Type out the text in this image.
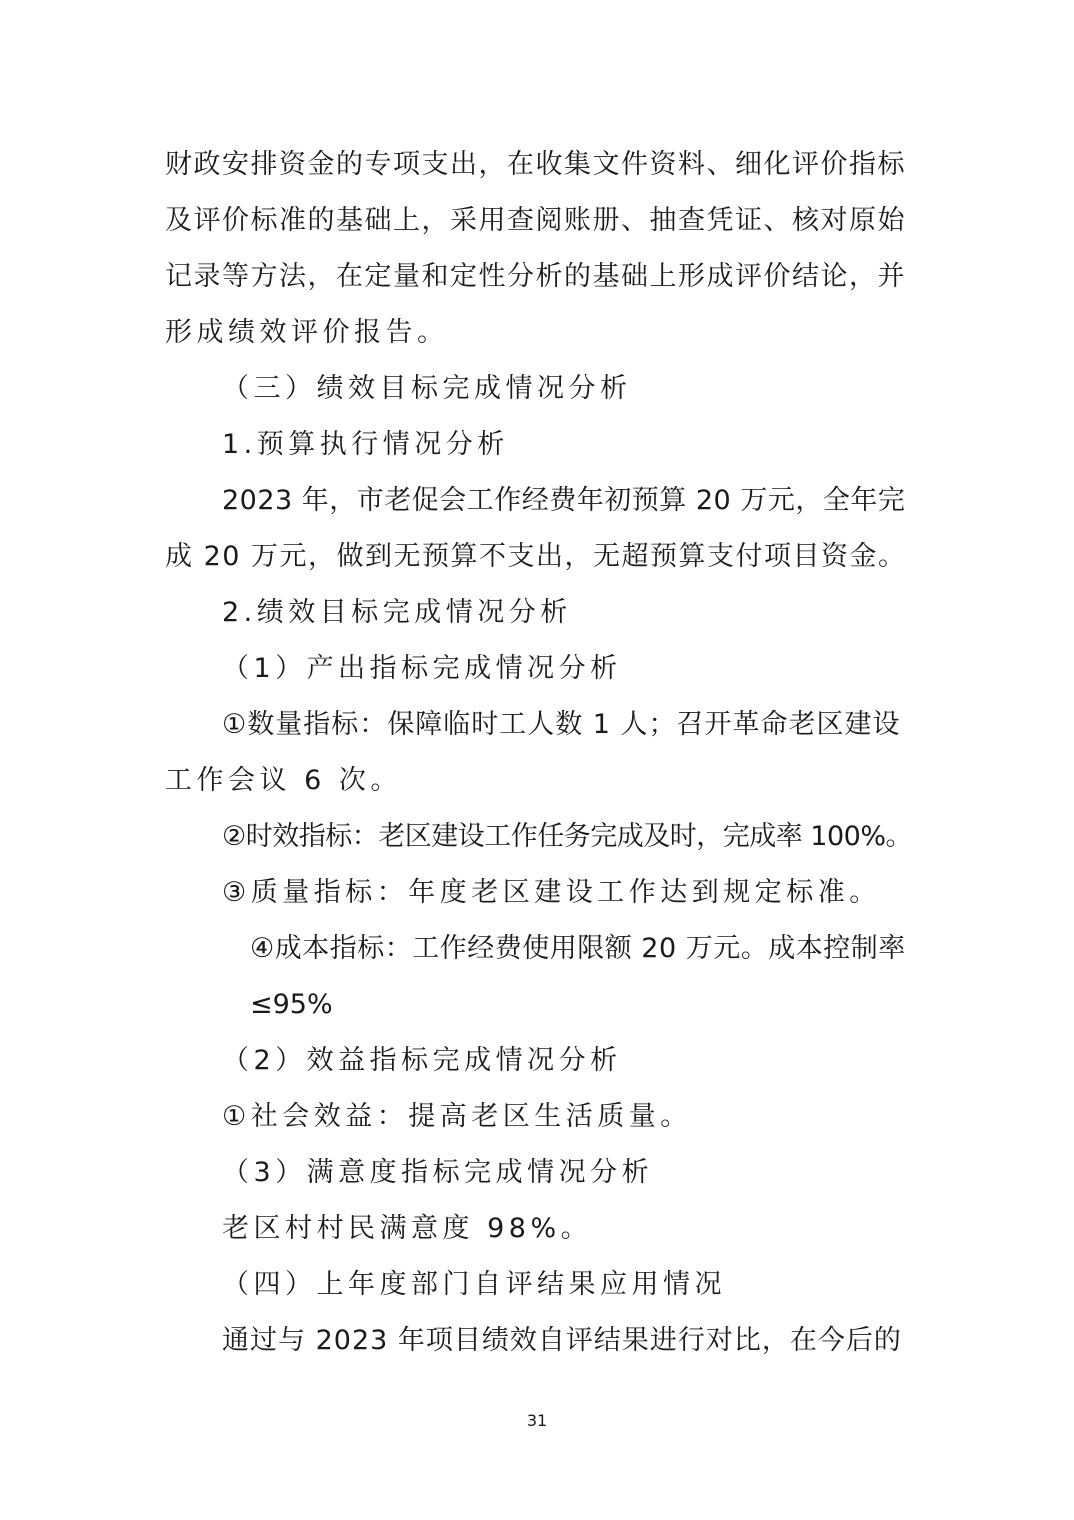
财政安排资金的专项支出，在收集文件资料、细化评价指标
及评价标准的基础上，采用查阅账册、抽查凭证、核对原始
记录等方法，在定量和定性分析的基础上形成评价结论，并
形成绩效评价报告。
（三）绩效目标完成情况分析
1.预算执行情况分析
2023 年，市老促会工作经费年初预算 20 万元，全年完
成 20 万元，做到无预算不支出，无超预算支付项目资金。
2.绩效目标完成情况分析
（1）产出指标完成情况分析
①数量指标：保障临时工人数 1 人；召开革命老区建设
工作会议 6 次。
②时效指标：老区建设工作任务完成及时，完成率 100%。
③质量指标：年度老区建设工作达到规定标准。
④成本指标：工作经费使用限额 20 万元。成本控制率
≤95%
（2）效益指标完成情况分析
①社会效益：提高老区生活质量。
（3）满意度指标完成情况分析
老区村村民满意度 98%。
（四）上年度部门自评结果应用情况
通过与 2023 年项目绩效自评结果进行对比，在今后的
31
